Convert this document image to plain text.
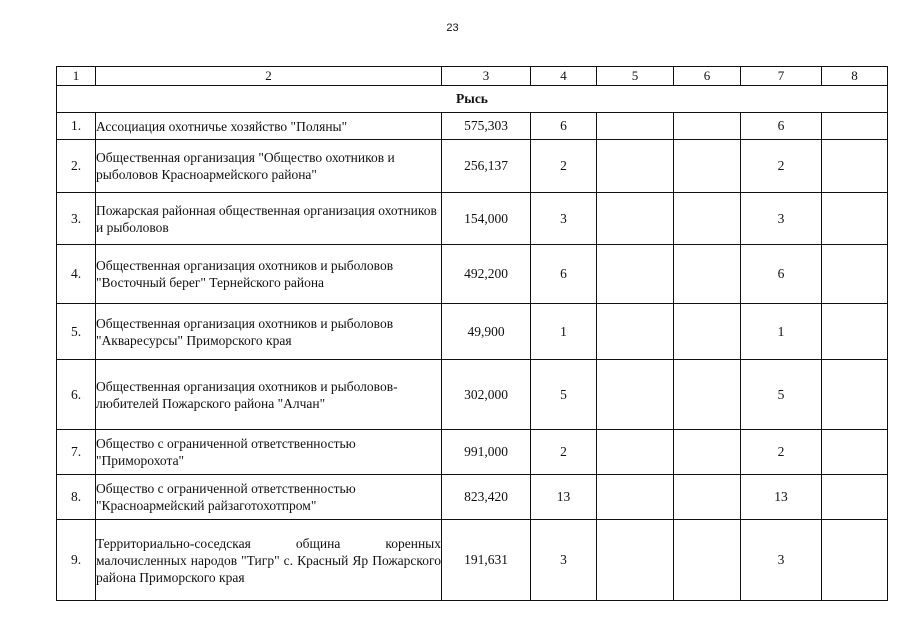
23
1	2	3	4	5	6	7	8
Рысь							
1.	Ассоциация охотничье хозяйство "Поляны"	575,303	6			6	
2.	Общественная организация "Общество охотников и рыболовов Красноармейского района"	256,137	2			2	
3.	Пожарская районная общественная организация охотников и рыболовов	154,000	3			3	
4.	Общественная организация охотников и рыболовов "Восточный берег" Тернейского района	492,200	6			6	
5.	Общественная организация охотников и рыболовов "Акваресурсы" Приморского края	49,900	1			1	
6.	Общественная организация охотников и рыболовов-любителей Пожарского района "Алчан"	302,000	5			5	
7.	Общество с ограниченной ответственностью "Приморохота"	991,000	2			2	
8.	Общество с ограниченной ответственностью "Красноармейский райзаготохотпром"	823,420	13			13	
9.	Территориально-соседская община коренных малочисленных народов "Тигр" с. Красный Яр Пожарского района Приморского края	191,631	3			3	
